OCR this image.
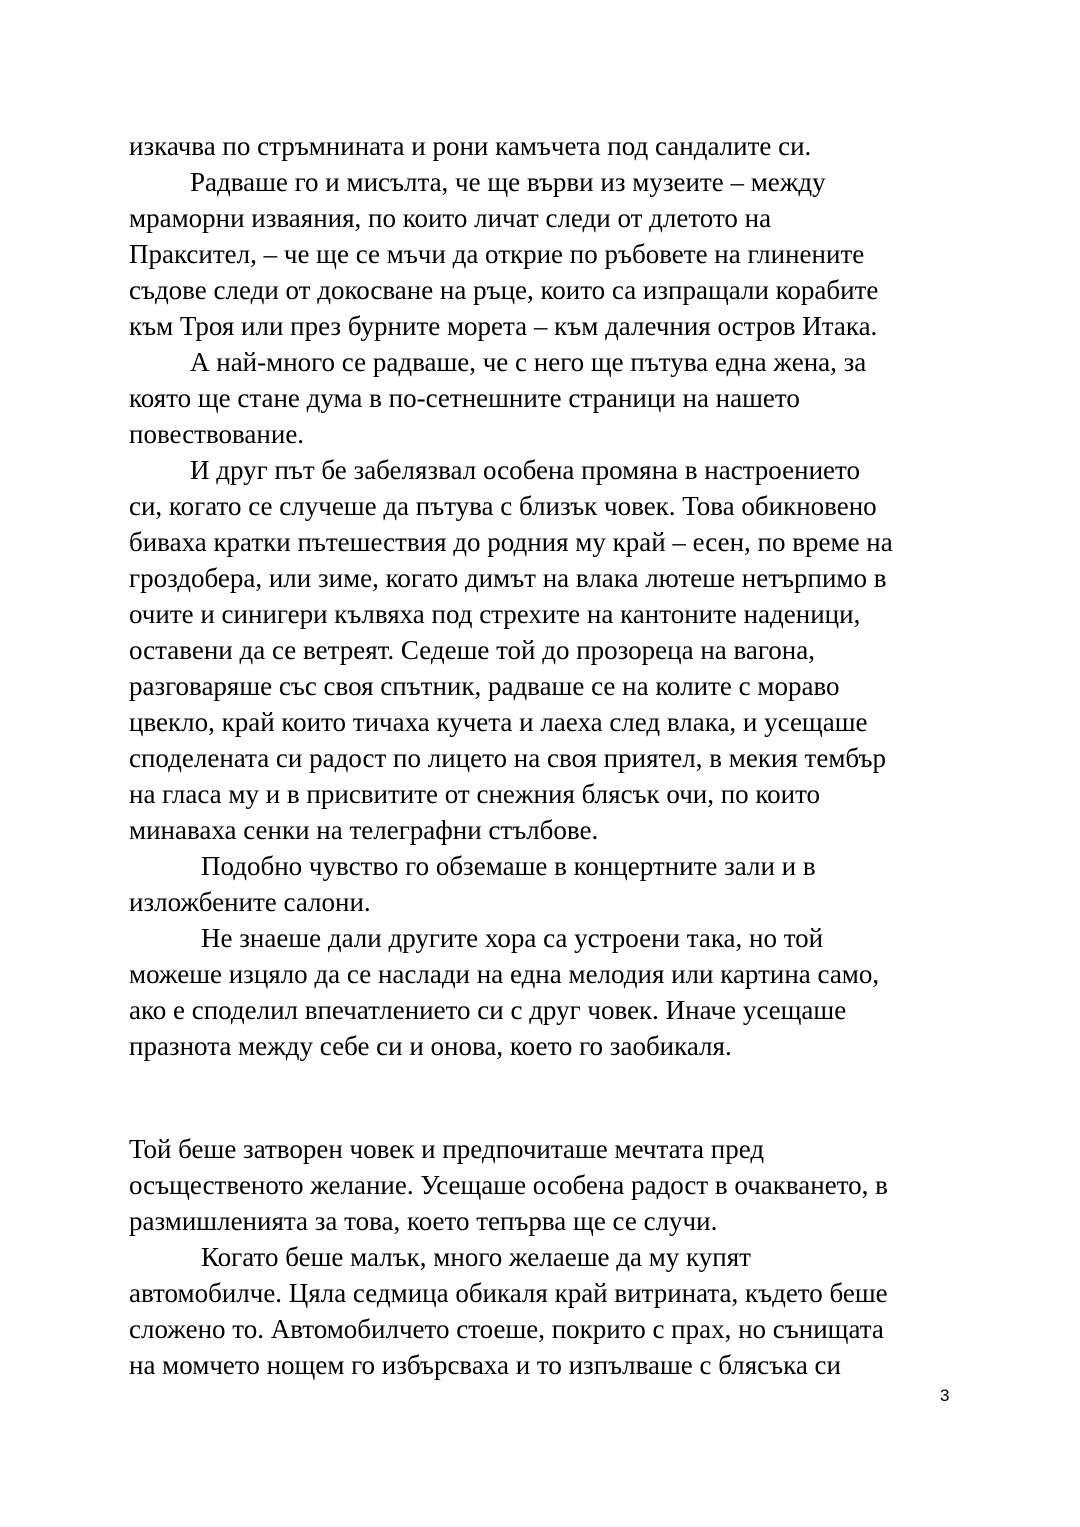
изкачва по стръмнината и рони камъчета под сандалите си.
Радваше го и мисълта, че ще върви из музеите – между
мраморни изваяния, по които личат следи от длетото на
Праксител, – че ще се мъчи да открие по ръбовете на глинените
съдове следи от докосване на ръце, които са изпращали корабите
към Троя или през бурните морета – към далечния остров Итака.
А най-много се радваше, че с него ще пътува една жена, за
която ще стане дума в по-сетнешните страници на нашето
повествование.
И друг път бе забелязвал особена промяна в настроението
си, когато се случеше да пътува с близък човек. Това обикновено
биваха кратки пътешествия до родния му край – есен, по време на
гроздобера, или зиме, когато димът на влака лютеше нетърпимо в
очите и синигери кълвяха под стрехите на кантоните наденици,
оставени да се ветреят. Седеше той до прозореца на вагона,
разговаряше със своя спътник, радваше се на колите с мораво
цвекло, край които тичаха кучета и лаеха след влака, и усещаше
споделената си радост по лицето на своя приятел, в мекия тембър
на гласа му и в присвитите от снежния блясък очи, по които
минаваха сенки на телеграфни стълбове.
Подобно чувство го обземаше в концертните зали и в
изложбените салони.
Не знаеше дали другите хора са устроени така, но той
можеше изцяло да се наслади на една мелодия или картина само,
ако е споделил впечатлението си с друг човек. Иначе усещаше
празнота между себе си и онова, което го заобикаля.
Той беше затворен човек и предпочиташе мечтата пред
осъщественото желание. Усещаше особена радост в очакването, в
размишленията за това, което тепърва ще се случи.
Когато беше малък, много желаеше да му купят
автомобилче. Цяла седмица обикаля край витрината, където беше
сложено то. Автомобилчето стоеше, покрито с прах, но сънищата
на момчето нощем го избърсваха и то изпълваше с блясъка си
3
